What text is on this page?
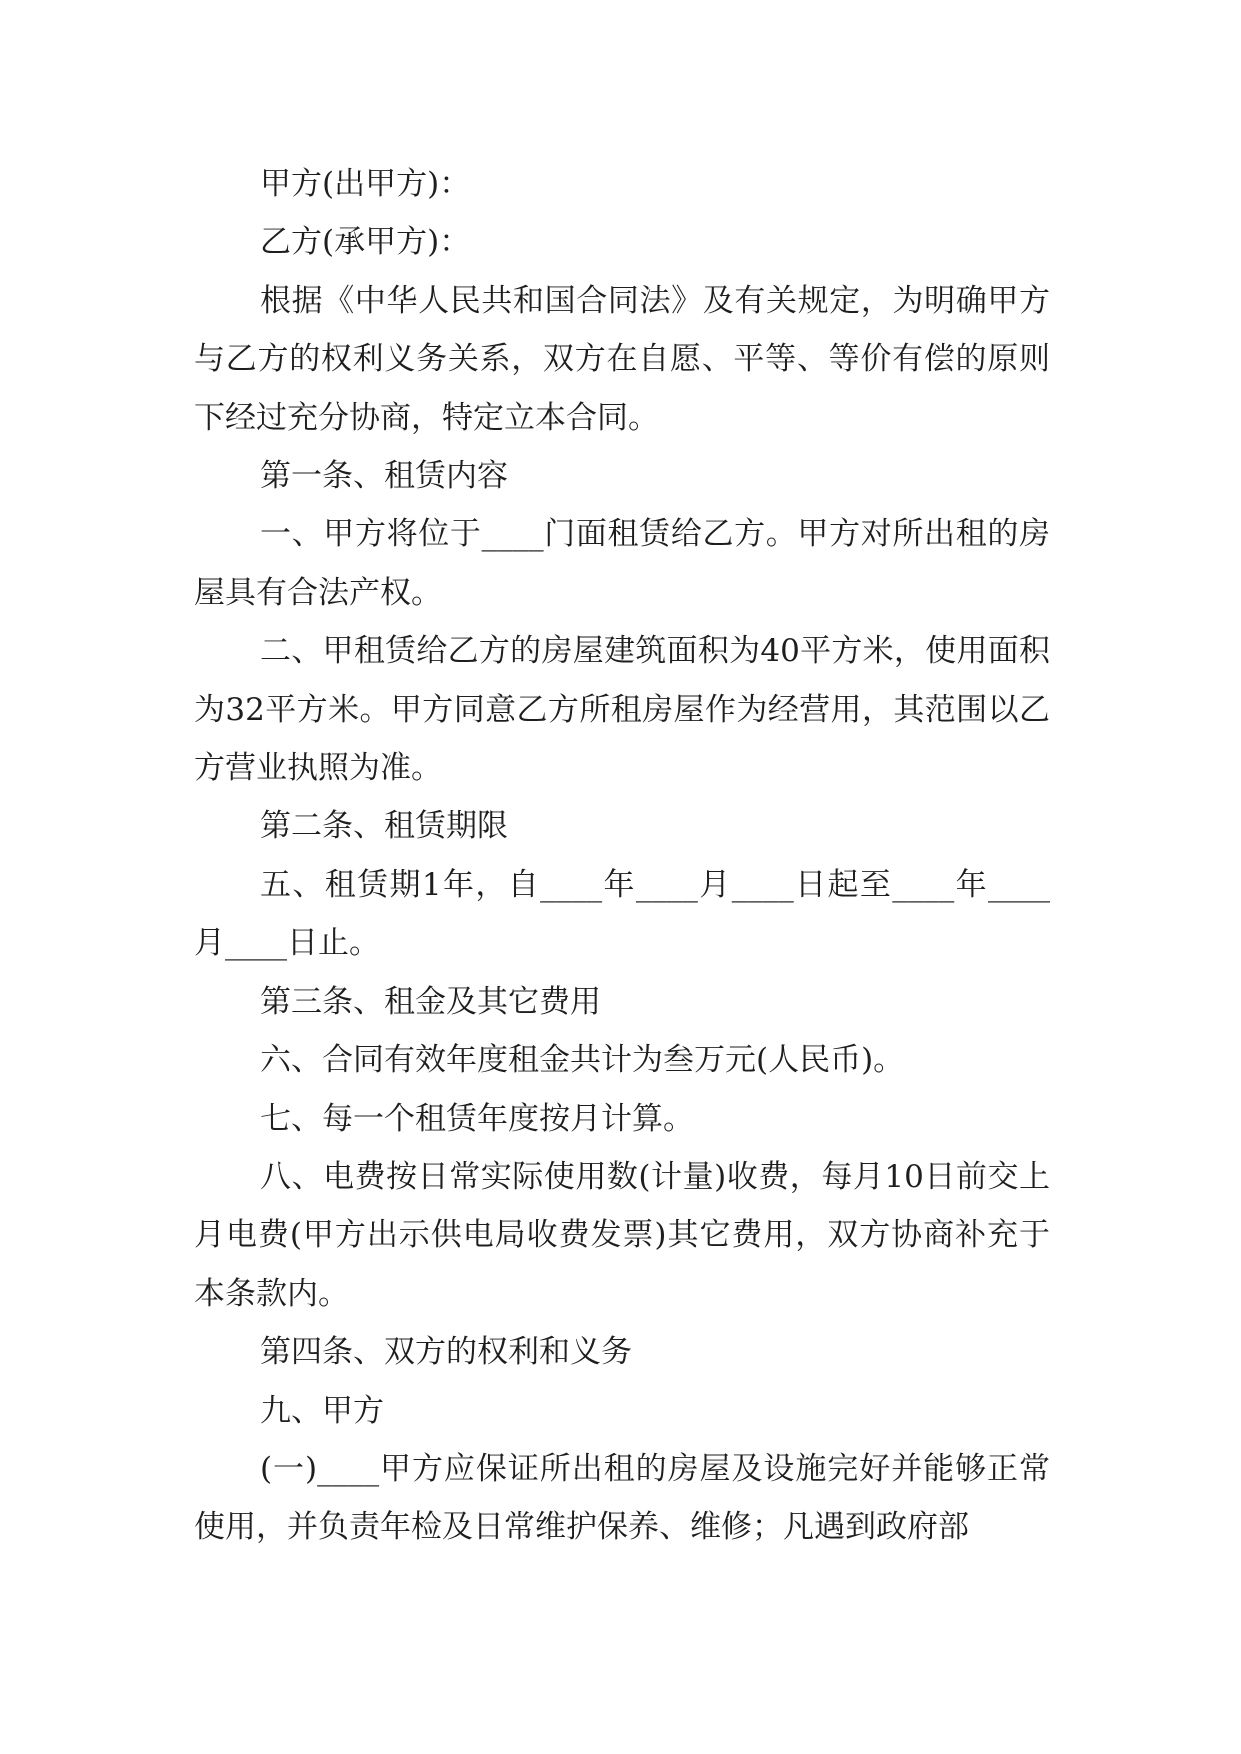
甲方(出甲方)：

乙方(承甲方)：

根据《中华人民共和国合同法》及有关规定，为明确甲方与乙方的权利义务关系，双方在自愿、平等、等价有偿的原则下经过充分协商，特定立本合同。

第一条、租赁内容

一、甲方将位于____门面租赁给乙方。甲方对所出租的房屋具有合法产权。

二、甲租赁给乙方的房屋建筑面积为40平方米，使用面积为32平方米。甲方同意乙方所租房屋作为经营用，其范围以乙方营业执照为准。

第二条、租赁期限

五、租赁期1年，自____年____月____日起至____年____月____日止。

第三条、租金及其它费用

六、合同有效年度租金共计为叁万元(人民币)。

七、每一个租赁年度按月计算。

八、电费按日常实际使用数(计量)收费，每月10日前交上月电费(甲方出示供电局收费发票)其它费用，双方协商补充于本条款内。

第四条、双方的权利和义务

九、甲方

(一)____甲方应保证所出租的房屋及设施完好并能够正常使用，并负责年检及日常维护保养、维修；凡遇到政府部
